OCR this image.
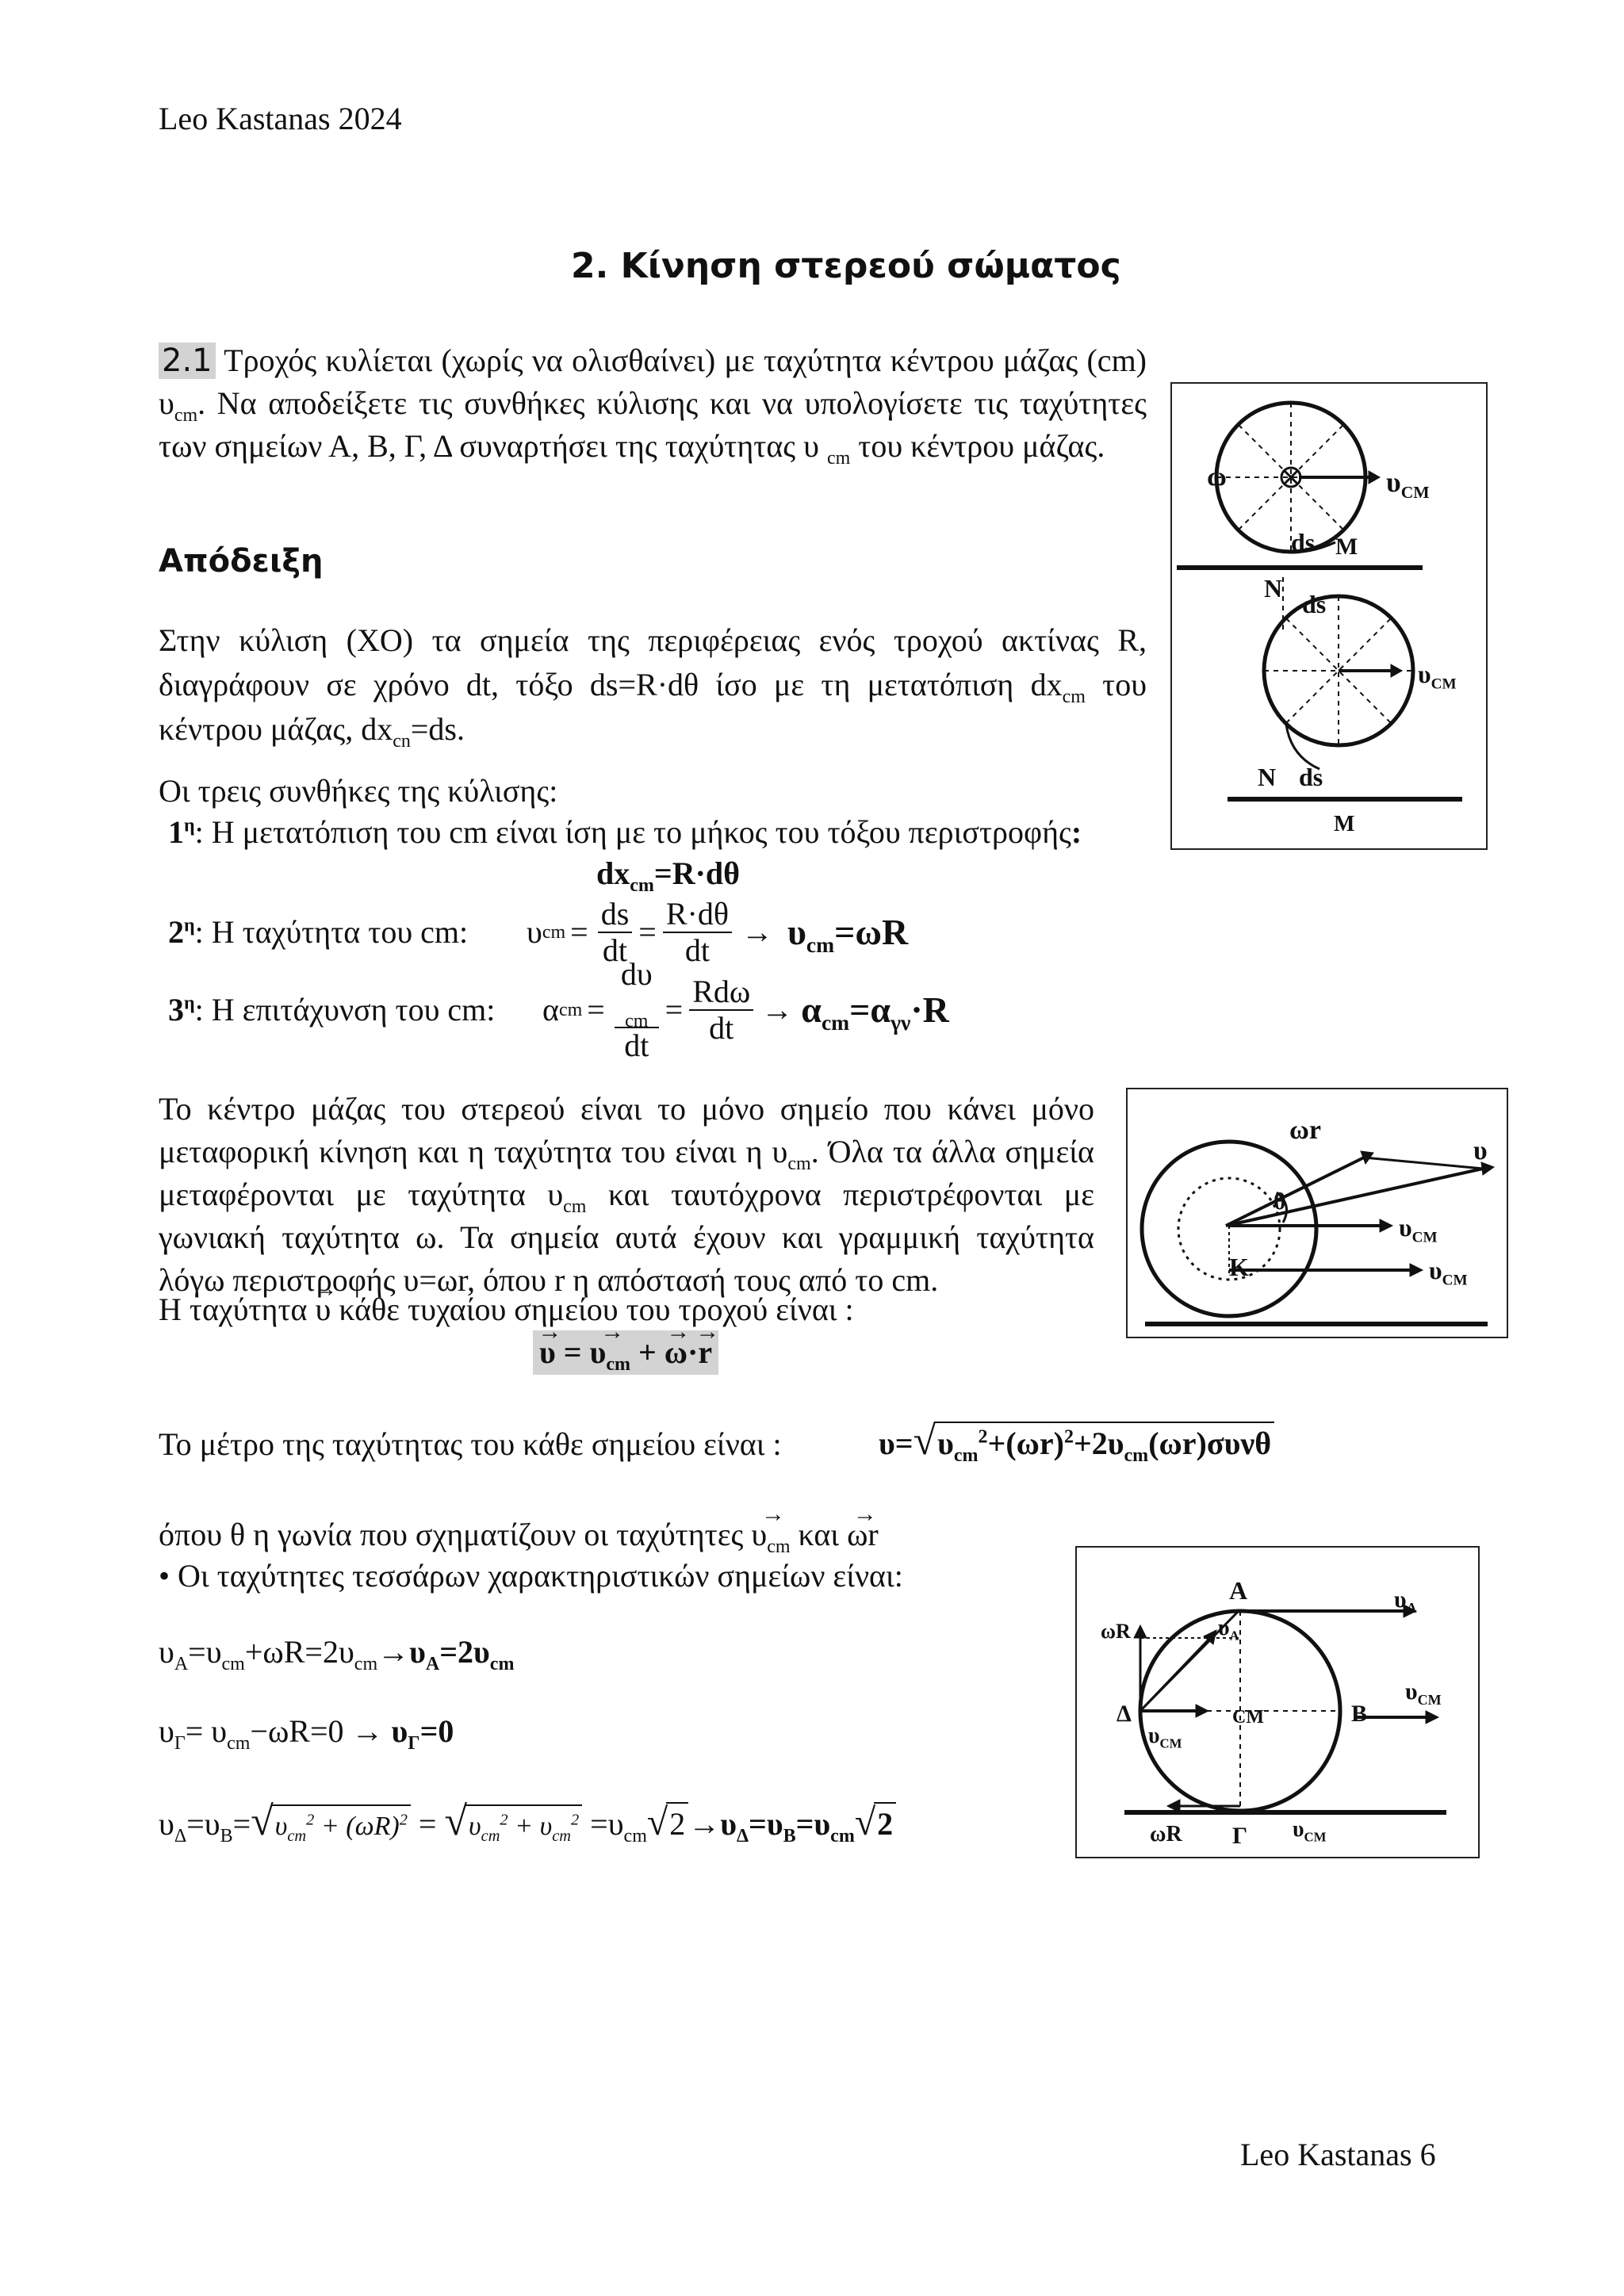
Leo Kastanas 2024
2. Κίνηση στερεού σώματος
2.1 Τροχός κυλίεται (χωρίς να ολισθαίνει) με ταχύτητα κέντρου μάζας (cm) $\upsilon_{cm}$. Να αποδείξετε τις συνθήκες κύλισης και να υπολογίσετε τις ταχύτητες των σημείων Α, Β, Γ, Δ συναρτήσει της ταχύτητας υ $_{cm}$ του κέντρου μάζας.
Απόδειξη
Στην κύλιση (ΧΟ) τα σημεία της περιφέρειας ενός τροχού ακτίνας R, διαγράφουν σε χρόνο dt, τόξο ds=R·dθ ίσο με τη μετατόπιση $dx_{cm}$ του κέντρου μάζας, $dx_{cn}=ds$.
Οι τρεις συνθήκες της κύλισης:
$1^\eta$: Η μετατόπιση του cm είναι ίση με το μήκος του τόξου περιστροφής:
$dx_{cm}=R\cdot d\theta$
$2^\eta$: Η ταχύτητα του cm: υ cm = $\frac{ds}{dt} = \frac{R\cdot d\theta}{dt} \to \upsilon_{cm}=\omega R$
$3^\eta$: Η επιτάχυνση του cm: α cm = dυ
$_{cm}$
dt = $\frac{\text{Rdω}}{dt} \to \alpha_{cm}=\alpha_{\gamma\nu}\cdot R$
Το κέντρο μάζας του στερεού είναι το μόνο σημείο που κάνει μόνο μεταφορική κίνηση και η ταχύτητα του είναι η $\upsilon_{cm}$. Όλα τα άλλα σημεία μεταφέρονται με ταχύτητα $\upsilon_{cm}$ και ταυτόχρονα περιστρέφονται με γωνιακή ταχύτητα ω. Τα σημεία αυτά έχουν και γραμμική ταχύτητα λόγω περιστροφής υ=ωr, όπου r η απόστασή τους από το cm.
Η ταχύτητα → υ κάθε τυχαίου σημείου του τροχού είναι :
→ υ = → $\upsilon_{cm}$ + → ω·→ r
Το μέτρο της ταχύτητας του κάθε σημείου είναι :	$\upsilon=√\upsilon_{cm}^2+(\omega r)^2+2\upsilon_{cm}(\omega r)\sigma\upsilon\nu\theta$
όπου θ η γωνία που σχηματίζουν οι $\tau\alpha\chi ύ\tau\eta\tau\varepsilon\varsigma \to \upsilon_{cm}$ και → ωr
• Οι ταχύτητες τεσσάρων χαρακτηριστικών σημείων είναι:
$\upsilon_A=\upsilon_{cm}+\omega R=2\upsilon_{cm}\to\upsilon_A=2\upsilon_{cm}$
$\upsilon_\Gamma= \upsilon_{cm}-\omega R=0 \to \upsilon_\Gamma=0$
$\upsilon_\Delta=\upsilon_B=√\upsilon_{cm}^2 + (\omega R)^2 = √\upsilon_{cm}^2 + \upsilon_{cm}^2 =\upsilon_{cm}√2 \to\upsilon_\Delta=\upsilon_B=\upsilon_{cm}√2$
Leo Kastanas 6
ω	$\upsilon_{CM}$
ds M
N
ds
$\upsilon_{CM}$
N ds
M
ωr
υ
θ
$\upsilon_{CM}$
K	$\upsilon_{CM}$
A	$\upsilon_A$
ωR	$\upsilon_A$
Δ	CM	B
$\upsilon_{CM}$
$\upsilon_{CM}$
ωR Γ $\upsilon_{CM}$
